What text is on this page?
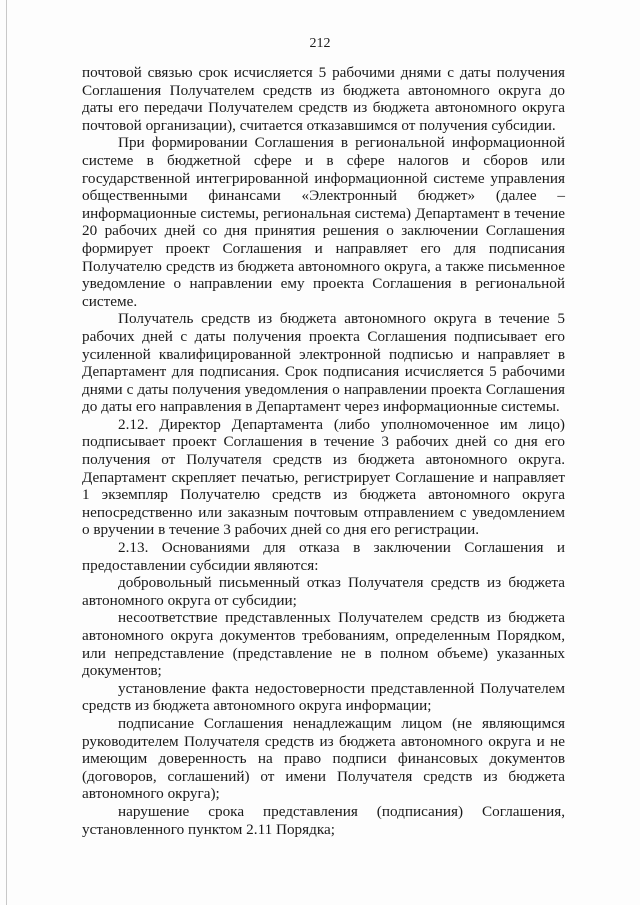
212

почтовой связью срок исчисляется 5 рабочими днями с даты получения Соглашения Получателем средств из бюджета автономного округа до даты его передачи Получателем средств из бюджета автономного округа почтовой организации), считается отказавшимся от получения субсидии.

При формировании Соглашения в региональной информационной системе в бюджетной сфере и в сфере налогов и сборов или государственной интегрированной информационной системе управления общественными финансами «Электронный бюджет» (далее – информационные системы, региональная система) Департамент в течение 20 рабочих дней со дня принятия решения о заключении Соглашения формирует проект Соглашения и направляет его для подписания Получателю средств из бюджета автономного округа, а также письменное уведомление о направлении ему проекта Соглашения в региональной системе.

Получатель средств из бюджета автономного округа в течение 5 рабочих дней с даты получения проекта Соглашения подписывает его усиленной квалифицированной электронной подписью и направляет в Департамент для подписания. Срок подписания исчисляется 5 рабочими днями с даты получения уведомления о направлении проекта Соглашения до даты его направления в Департамент через информационные системы.

2.12. Директор Департамента (либо уполномоченное им лицо) подписывает проект Соглашения в течение 3 рабочих дней со дня его получения от Получателя средств из бюджета автономного округа. Департамент скрепляет печатью, регистрирует Соглашение и направляет 1 экземпляр Получателю средств из бюджета автономного округа непосредственно или заказным почтовым отправлением с уведомлением о вручении в течение 3 рабочих дней со дня его регистрации.

2.13. Основаниями для отказа в заключении Соглашения и предоставлении субсидии являются:

добровольный письменный отказ Получателя средств из бюджета автономного округа от субсидии;

несоответствие представленных Получателем средств из бюджета автономного округа документов требованиям, определенным Порядком, или непредставление (представление не в полном объеме) указанных документов;

установление факта недостоверности представленной Получателем средств из бюджета автономного округа информации;

подписание Соглашения ненадлежащим лицом (не являющимся руководителем Получателя средств из бюджета автономного округа и не имеющим доверенность на право подписи финансовых документов (договоров, соглашений) от имени Получателя средств из бюджета автономного округа);

нарушение срока представления (подписания) Соглашения, установленного пунктом 2.11 Порядка;
